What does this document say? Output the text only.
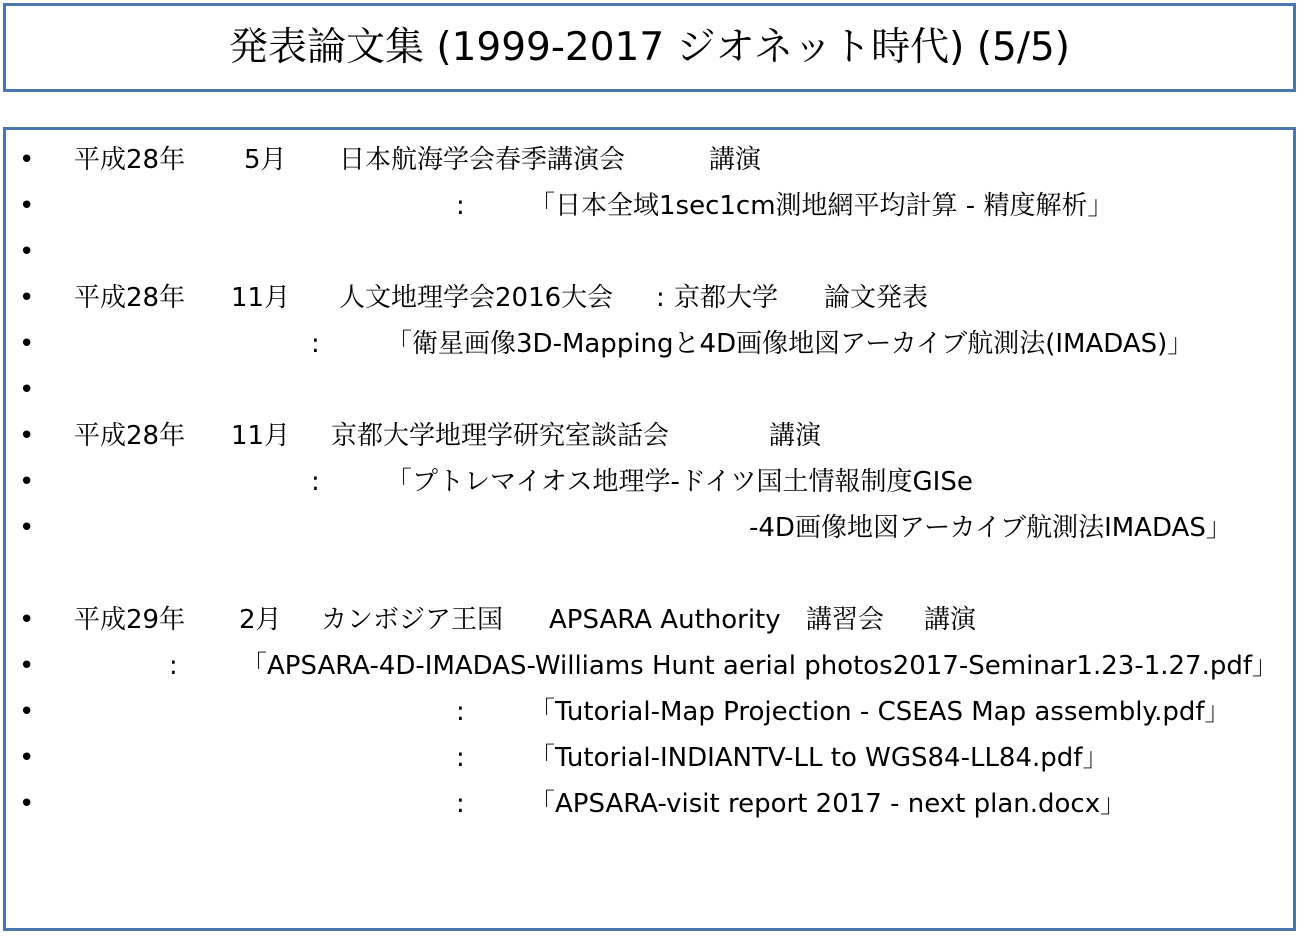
発表論文集 (1999-2017 ジオネット時代) (5/5)
• 平成28年 5月 日本航海学会春季講演会	講演
•	: 「日本全域1sec1cm測地網平均計算 - 精度解析」
•
• 平成28年 11月 人文地理学会2016大会 : 京都大学 論文発表
•	:	「衛星画像3D-Mappingと4D画像地図アーカイブ航測法(IMADAS)」
•
• 平成28年 11月 京都大学地理学研究室談話会	講演
•	:	「プトレマイオス地理学-ドイツ国土情報制度GISe
•	-4D画像地図アーカイブ航測法IMADAS」
• 平成29年 2月 カンボジア王国 APSARA Authority 講習会 講演
•	: 「APSARA-4D-IMADAS-Williams Hunt aerial photos2017-Seminar1.23-1.27.pdf」
•	: 「Tutorial-Map Projection - CSEAS Map assembly.pdf」
•	: 「Tutorial-INDIANTV-LL to WGS84-LL84.pdf」
•	: 「APSARA-visit report 2017 - next plan.docx」
